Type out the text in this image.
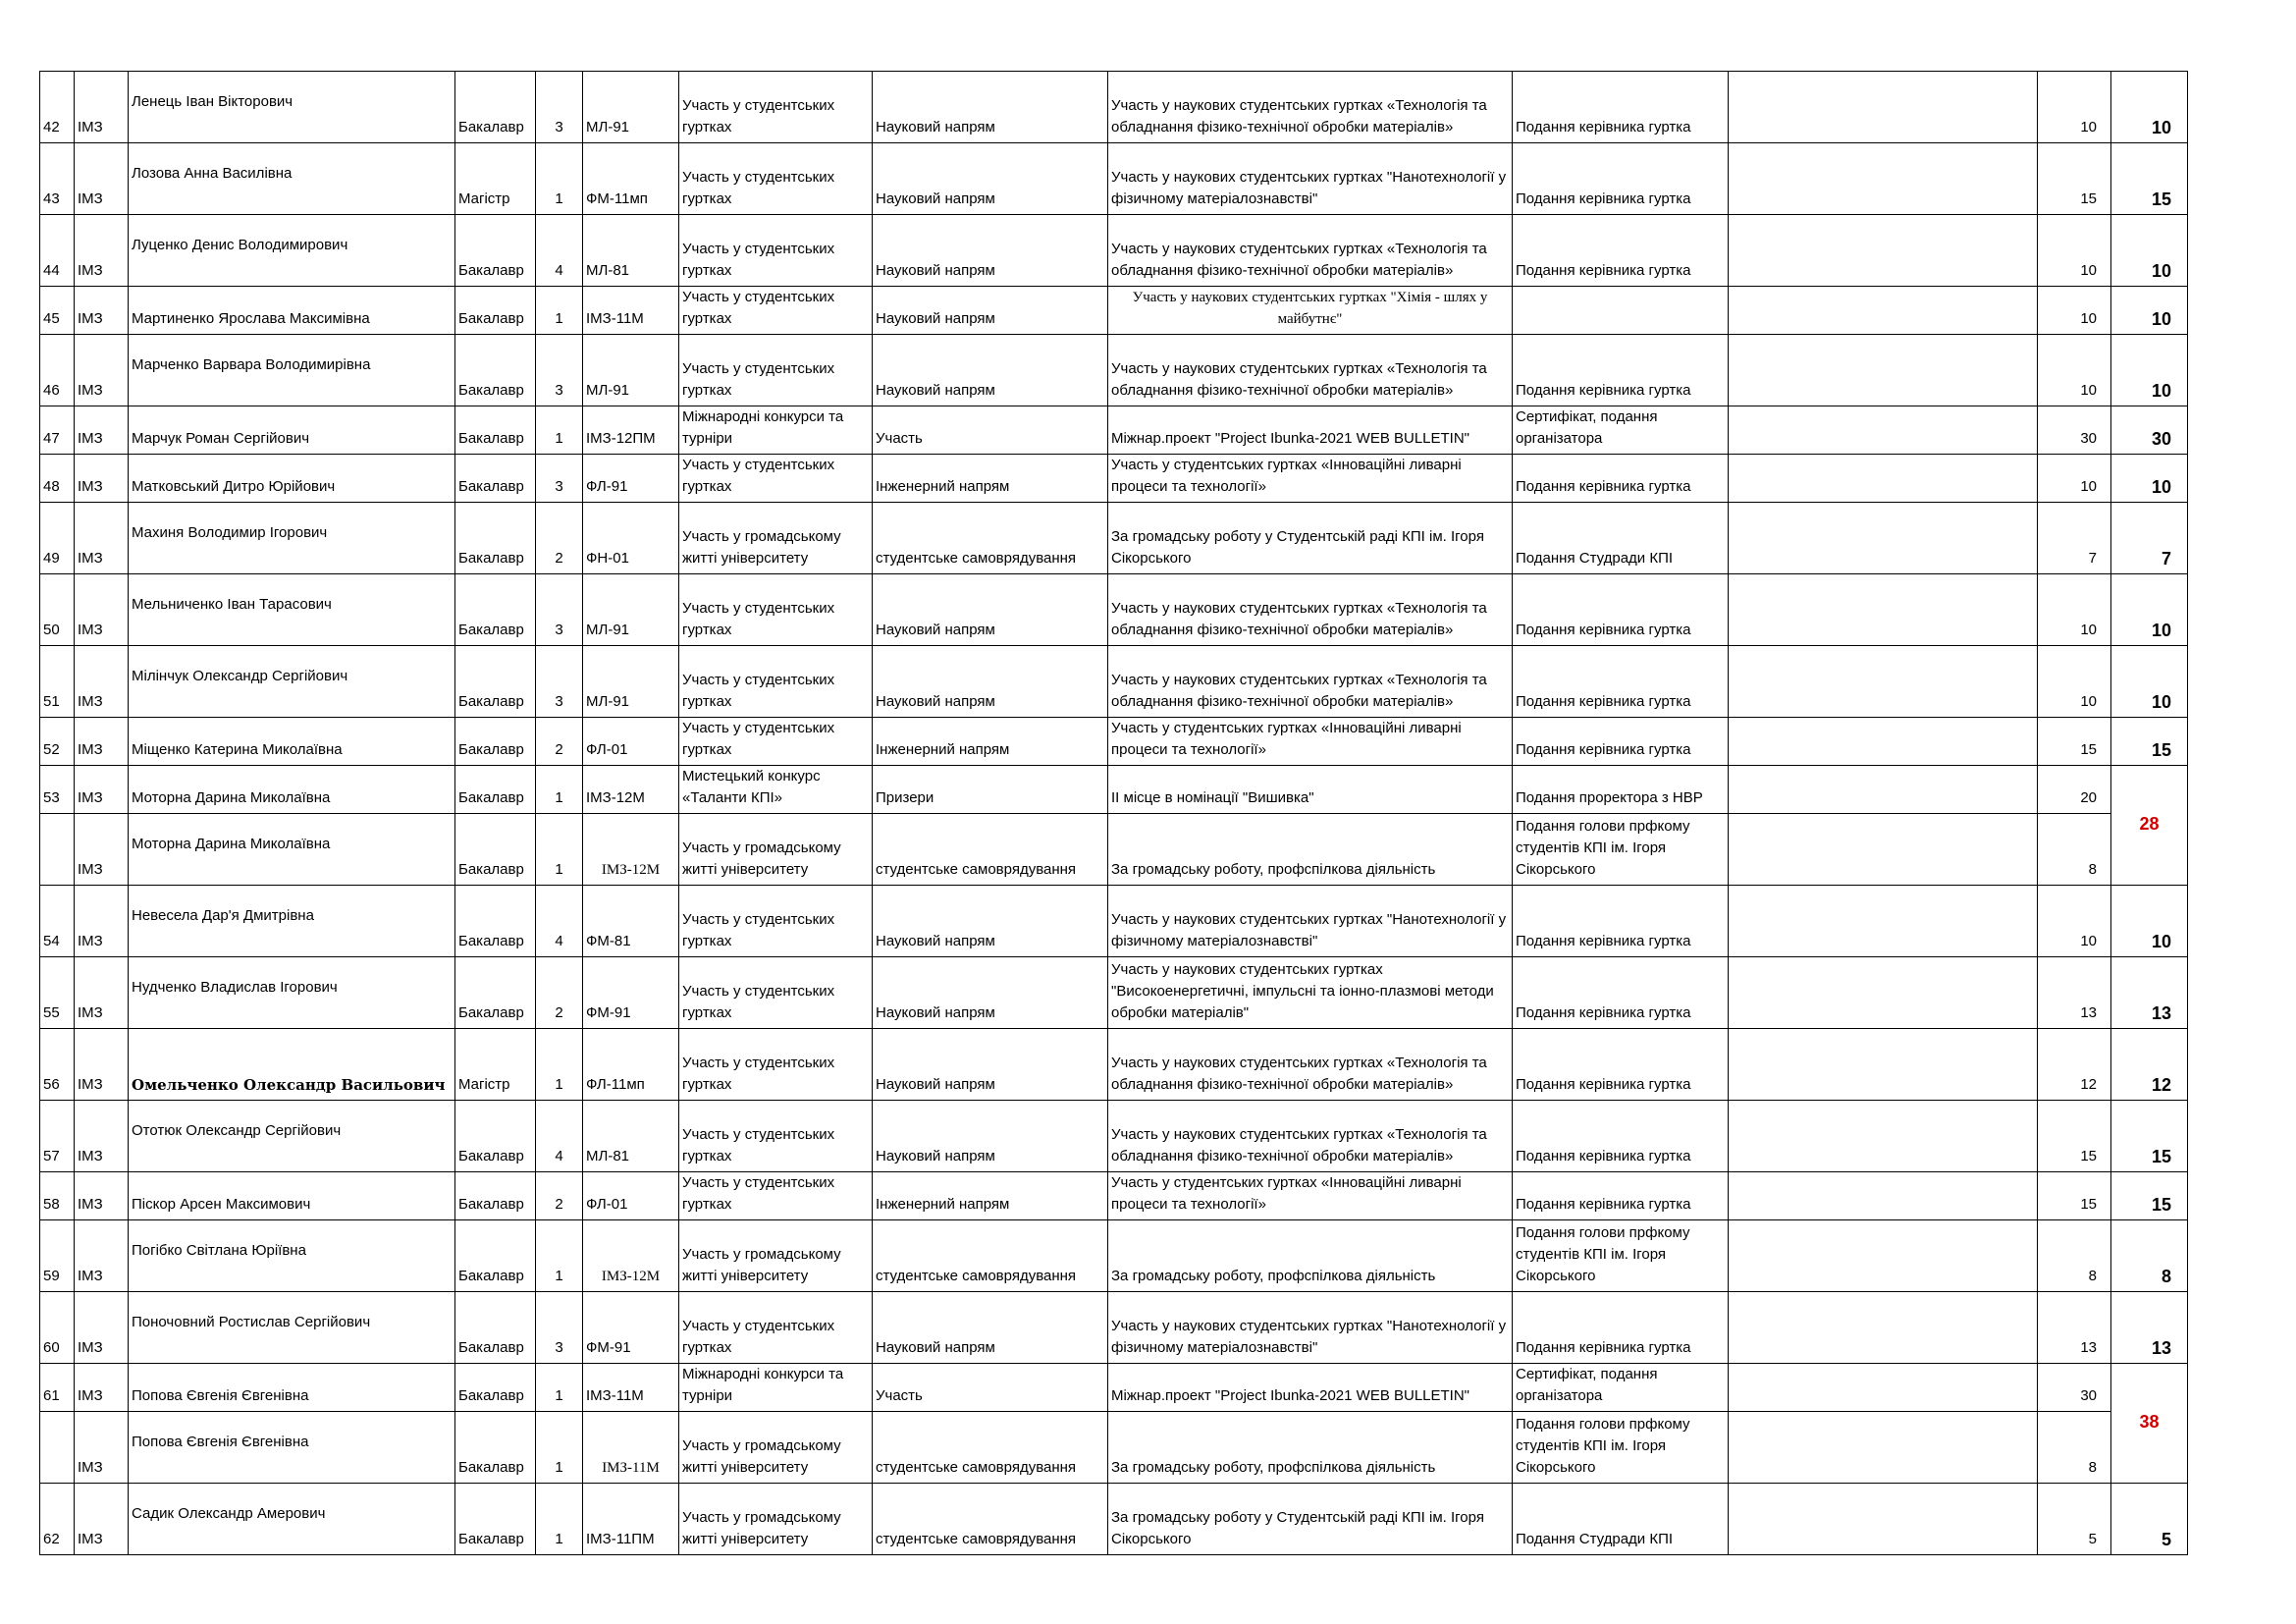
42	ІМЗ	Ленець Іван Вікторович	Бакалавр	3	МЛ-91	Участь у студентських гуртках	Науковий напрям	Участь у наукових студентських гуртках «Технологія та обладнання фізико-технічної обробки матеріалів»	Подання керівника гуртка		10	10	
43	ІМЗ	Лозова Анна Василівна	Магістр	1	ФМ-11мп	Участь у студентських гуртках	Науковий напрям	Участь у наукових студентських гуртках "Нанотехнології у фізичному матеріалознавстві"	Подання керівника гуртка		15	15	
44	ІМЗ	Луценко Денис Володимирович	Бакалавр	4	МЛ-81	Участь у студентських гуртках	Науковий напрям	Участь у наукових студентських гуртках «Технологія та обладнання фізико-технічної обробки матеріалів»	Подання керівника гуртка		10	10	
45	ІМЗ	Мартиненко Ярослава Максимівна	Бакалавр	1	ІМЗ-11М	Участь у студентських гуртках	Науковий напрям	Участь у наукових студентських гуртках "Хімія - шлях у майбутнє"			10	10	
46	ІМЗ	Марченко Варвара Володимирівна	Бакалавр	3	МЛ-91	Участь у студентських гуртках	Науковий напрям	Участь у наукових студентських гуртках «Технологія та обладнання фізико-технічної обробки матеріалів»	Подання керівника гуртка		10	10	
47	ІМЗ	Марчук Роман Сергійович	Бакалавр	1	ІМЗ-12ПМ	Міжнародні конкурси та турніри	Участь	Міжнар.проект "Project Ibunka-2021 WEB BULLETIN"	Сертифікат, подання організатора		30	30	
48	ІМЗ	Матковський Дитро Юрійович	Бакалавр	3	ФЛ-91	Участь у студентських гуртках	Інженерний напрям	Участь у студентських гуртках «Інноваційні ливарні процеси та технології»	Подання керівника гуртка		10	10	
49	ІМЗ	Махиня Володимир Ігорович	Бакалавр	2	ФН-01	Участь у громадському житті університету	студентське самоврядування	За громадську роботу у Студентській раді КПІ ім. Ігоря Сікорського	Подання Студради КПІ		7	7	
50	ІМЗ	Мельниченко Іван Тарасович	Бакалавр	3	МЛ-91	Участь у студентських гуртках	Науковий напрям	Участь у наукових студентських гуртках «Технологія та обладнання фізико-технічної обробки матеріалів»	Подання керівника гуртка		10	10	
51	ІМЗ	Мілінчук Олександр Сергійович	Бакалавр	3	МЛ-91	Участь у студентських гуртках	Науковий напрям	Участь у наукових студентських гуртках «Технологія та обладнання фізико-технічної обробки матеріалів»	Подання керівника гуртка		10	10	
52	ІМЗ	Міщенко Катерина Миколаївна	Бакалавр	2	ФЛ-01	Участь у студентських гуртках	Інженерний напрям	Участь у студентських гуртках «Інноваційні ливарні процеси та технології»	Подання керівника гуртка		15	15	
53	ІМЗ	Моторна Дарина Миколаївна	Бакалавр	1	ІМЗ-12М	Мистецький конкурс «Таланти КПІ»	Призери	ІІ місце в номінації "Вишивка"	Подання проректора з НВР		20	28	
	ІМЗ	Моторна Дарина Миколаївна	Бакалавр	1	ІМЗ-12М	Участь у громадському житті університету	студентське самоврядування	За громадську роботу, профспілкова діяльність	Подання голови прфкому студентів КПІ ім. Ігоря Сікорського		8		
54	ІМЗ	Невесела Дар'я Дмитрівна	Бакалавр	4	ФМ-81	Участь у студентських гуртках	Науковий напрям	Участь у наукових студентських гуртках "Нанотехнології у фізичному матеріалознавстві"	Подання керівника гуртка		10	10	
55	ІМЗ	Нудченко Владислав Ігорович	Бакалавр	2	ФМ-91	Участь у студентських гуртках	Науковий напрям	Участь у наукових студентських гуртках "Високоенергетичні, імпульсні та іонно-плазмові методи обробки матеріалів"	Подання керівника гуртка		13	13	
56	ІМЗ	Омельченко Олександр Васильович	Магістр	1	ФЛ-11мп	Участь у студентських гуртках	Науковий напрям	Участь у наукових студентських гуртках «Технологія та обладнання фізико-технічної обробки матеріалів»	Подання керівника гуртка		12	12	
57	ІМЗ	Ототюк Олександр Сергійович	Бакалавр	4	МЛ-81	Участь у студентських гуртках	Науковий напрям	Участь у наукових студентських гуртках «Технологія та обладнання фізико-технічної обробки матеріалів»	Подання керівника гуртка		15	15	
58	ІМЗ	Піскор Арсен Максимович	Бакалавр	2	ФЛ-01	Участь у студентських гуртках	Інженерний напрям	Участь у студентських гуртках «Інноваційні ливарні процеси та технології»	Подання керівника гуртка		15	15	
59	ІМЗ	Погібко Світлана Юріївна	Бакалавр	1	ІМЗ-12М	Участь у громадському житті університету	студентське самоврядування	За громадську роботу, профспілкова діяльність	Подання голови прфкому студентів КПІ ім. Ігоря Сікорського		8	8	
60	ІМЗ	Поночовний Ростислав Сергійович	Бакалавр	3	ФМ-91	Участь у студентських гуртках	Науковий напрям	Участь у наукових студентських гуртках "Нанотехнології у фізичному матеріалознавстві"	Подання керівника гуртка		13	13	
61	ІМЗ	Попова Євгенія Євгенівна	Бакалавр	1	ІМЗ-11М	Міжнародні конкурси та турніри	Участь	Міжнар.проект "Project Ibunka-2021 WEB BULLETIN"	Сертифікат, подання організатора		30	38	
	ІМЗ	Попова Євгенія Євгенівна	Бакалавр	1	ІМЗ-11М	Участь у громадському житті університету	студентське самоврядування	За громадську роботу, профспілкова діяльність	Подання голови прфкому студентів КПІ ім. Ігоря Сікорського		8		
62	ІМЗ	Садик Олександр Амерович	Бакалавр	1	ІМЗ-11ПМ	Участь у громадському житті університету	студентське самоврядування	За громадську роботу у Студентській раді КПІ ім. Ігоря Сікорського	Подання Студради КПІ		5	5	
